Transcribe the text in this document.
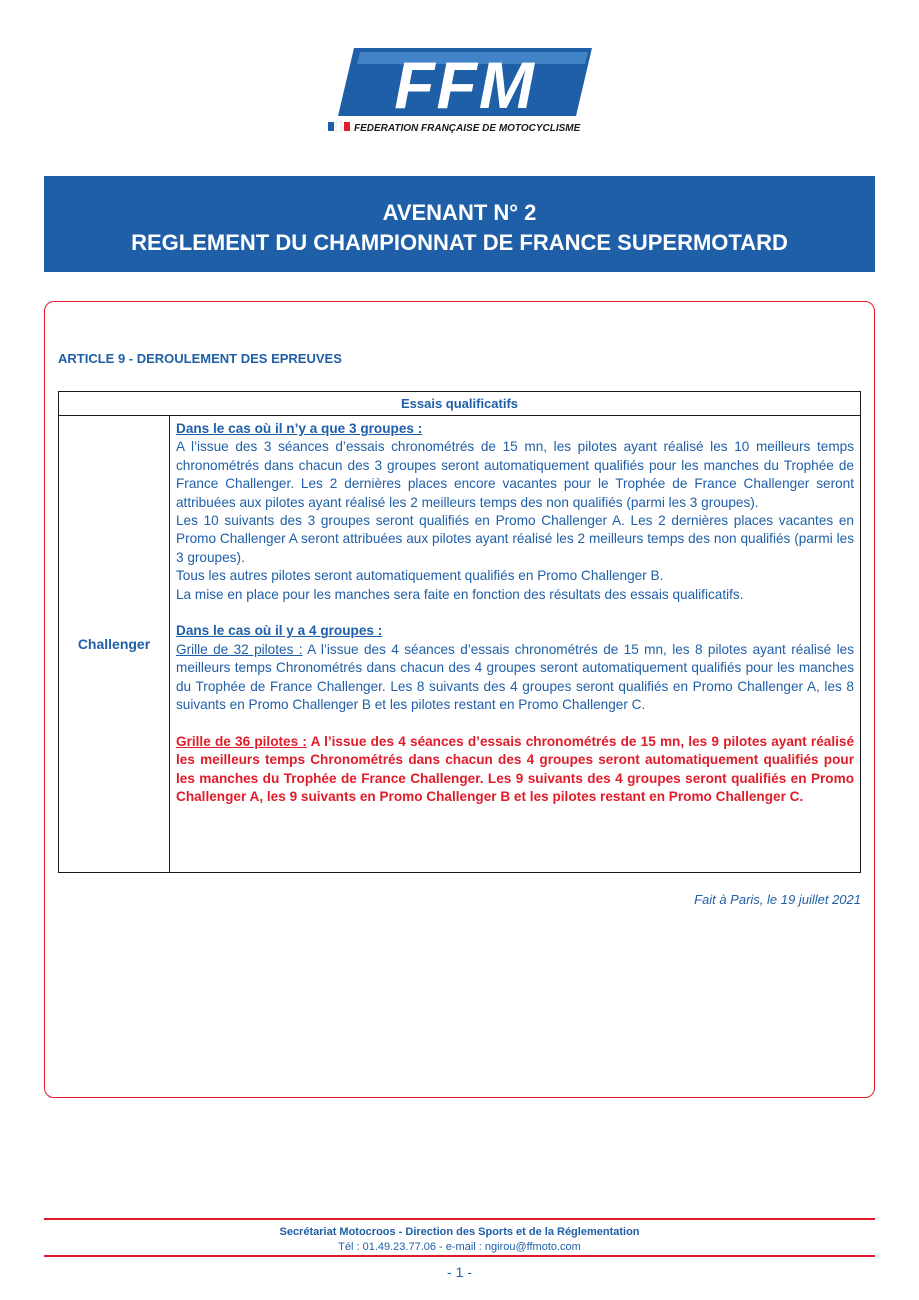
FFM
FEDERATION FRANÇAISE DE MOTOCYCLISME
AVENANT N° 2
REGLEMENT DU CHAMPIONNAT DE FRANCE SUPERMOTARD
ARTICLE 9 - DEROULEMENT DES EPREUVES
Essais qualificatifs
Challenger	

Dans le cas où il n’y a que 3 groupes :

A l’issue des 3 séances d’essais chronométrés de 15 mn, les pilotes ayant réalisé les 10 meilleurs temps chronométrés dans chacun des 3 groupes seront automatiquement qualifiés pour les manches du Trophée de France Challenger. Les 2 dernières places encore vacantes pour le Trophée de France Challenger seront attribuées aux pilotes ayant réalisé les 2 meilleurs temps des non qualifiés (parmi les 3 groupes).

Les 10 suivants des 3 groupes seront qualifiés en Promo Challenger A. Les 2 dernières places vacantes en Promo Challenger A seront attribuées aux pilotes ayant réalisé les 2 meilleurs temps des non qualifiés (parmi les 3 groupes).

Tous les autres pilotes seront automatiquement qualifiés en Promo Challenger B.

La mise en place pour les manches sera faite en fonction des résultats des essais qualificatifs.

Dans le cas où il y a 4 groupes :

Grille de 32 pilotes : A l’issue des 4 séances d’essais chronométrés de 15 mn, les 8 pilotes ayant réalisé les meilleurs temps Chronométrés dans chacun des 4 groupes seront automatiquement qualifiés pour les manches du Trophée de France Challenger. Les 8 suivants des 4 groupes seront qualifiés en Promo Challenger A, les 8 suivants en Promo Challenger B et les pilotes restant en Promo Challenger C.

Grille de 36 pilotes : A l’issue des 4 séances d’essais chronométrés de 15 mn, les 9 pilotes ayant réalisé les meilleurs temps Chronométrés dans chacun des 4 groupes seront automatiquement qualifiés pour les manches du Trophée de France Challenger. Les 9 suivants des 4 groupes seront qualifiés en Promo Challenger A, les 9 suivants en Promo Challenger B et les pilotes restant en Promo Challenger C.

Fait à Paris, le 19 juillet 2021
Secrétariat Motocroos - Direction des Sports et de la Réglementation
Tél : 01.49.23.77.06 - e-mail : ngirou@ffmoto.com
- 1 -
